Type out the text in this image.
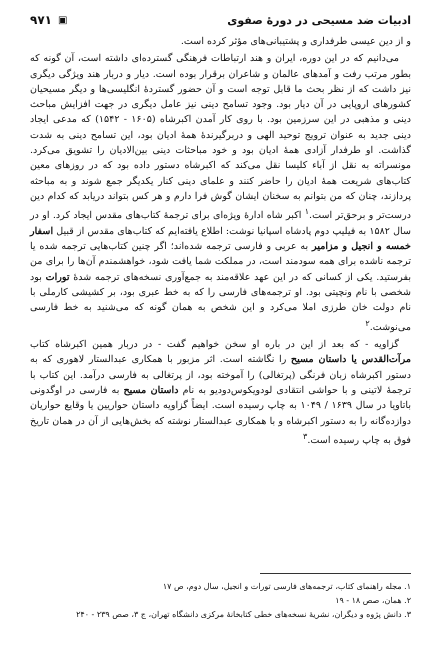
ادبیات ضد مسیحی در دورهٔ صفوی
▣
۹۷۱

و از دین عیسی طرفداری و پشتیبانی‌های مؤثر کرده است.

می‌دانیم که در این دوره، ایران و هند ارتباطات فرهنگی گسترده‌ای داشته است، آن گونه که بطور مرتب رفت و آمدهای عالمان و شاعران برقرار بوده است. دیار و دربار هند ویژگی دیگری نیز داشت که از نظر بحث ما قابل توجه است و آن حضور گستردهٔ انگلیسی‌ها و دیگر مسیحیان کشورهای اروپایی در آن دیار بود. وجود تسامح دینی نیز عامل دیگری در جهت افزایش مباحث دینی و مذهبی در این سرزمین بود. با روی کار آمدن اکبرشاه (۱۶۰۵ - ۱۵۴۲) که مدعی ایجاد دینی جدید به عنوان ترویج توحید الهی و دربرگیرندهٔ همهٔ ادیان بود، این تسامح دینی به شدت گذاشت. او طرفدار آزادی همهٔ ادیان بود و خود مباحثات دینی بین‌الادیان را تشویق می‌کرد. مونسراته به نقل از آباء کلیسا نقل می‌کند که اکبرشاه دستور داده بود که در روزهای معین کتاب‌های شریعت همهٔ ادیان را حاضر کنند و علمای دینی کنار یکدیگر جمع شوند و به مباحثه پردازند، چنان که من بتوانم به سخنان ایشان گوش فرا دارم و هر کس بتواند دریابد که کدام دین درست‌تر و برحق‌تر است.$^۱$ اکبر شاه ادارهٔ ویژه‌ای برای ترجمهٔ کتاب‌های مقدس ایجاد کرد. او در سال ۱۵۸۲ به فیلیپ دوم پادشاه اسپانیا نوشت: اطلاع یافته‌ایم که کتاب‌های مقدس از قبیل اسفار خمسه و انجیل و مزامیر به عربی و فارسی ترجمه شده‌اند؛ اگر چنین کتاب‌هایی ترجمه شده یا ترجمه ناشده برای همه سودمند است، در مملکت شما یافت شود، خواهشمندم آن‌ها را برای من بفرستید. یکی از کسانی که در این عهد علاقه‌مند به جمع‌آوری نسخه‌های ترجمه شدهٔ تورات بود شخصی با نام ونچیتی بود. او ترجمه‌های فارسی را که به خط عبری بود، بر کشیشی کارملی با نام دولت خان طرزی املا می‌کرد و این شخص به همان گونه که می‌شنید به خط فارسی می‌نوشت.$^۲$

گزاویه - که بعد از این در باره او سخن خواهیم گفت - در دربار همین اکبرشاه کتاب مرآت‌القدس یا داستان مسیح را نگاشته است. اثر مزبور با همکاری عبدالستار لاهوری که به دستور اکبرشاه زبان فرنگی (پرتغالی) را آموخته بود، از پرتغالی به فارسی درآمد. این کتاب با ترجمهٔ لاتینی و با حواشی انتقادی لودویکوس‌دودیو به نام داستان مسیح به فارسی در اوگدونی باتاویا در سال ۱۶۳۹ / ۱۰۴۹ به چاپ رسیده است. ایضاً گزاویه داستان حواریین یا وقایع حواریان دوازده‌گانه را به دستور اکبرشاه و با همکاری عبدالستار نوشته که بخش‌هایی از آن در همان تاریخ فوق به چاپ رسیده است.$^۳$

۱. مجله راهنمای کتاب، ترجمه‌های فارسی تورات و انجیل، سال دوم، ص ۱۷
۲. همان، صص ۱۸ - ۱۹
۳. دانش پژوه و دیگران، نشریهٔ نسخه‌های خطی کتابخانهٔ مرکزی دانشگاه تهران، ج ۳، صص ۲۳۹ - ۲۴۰
